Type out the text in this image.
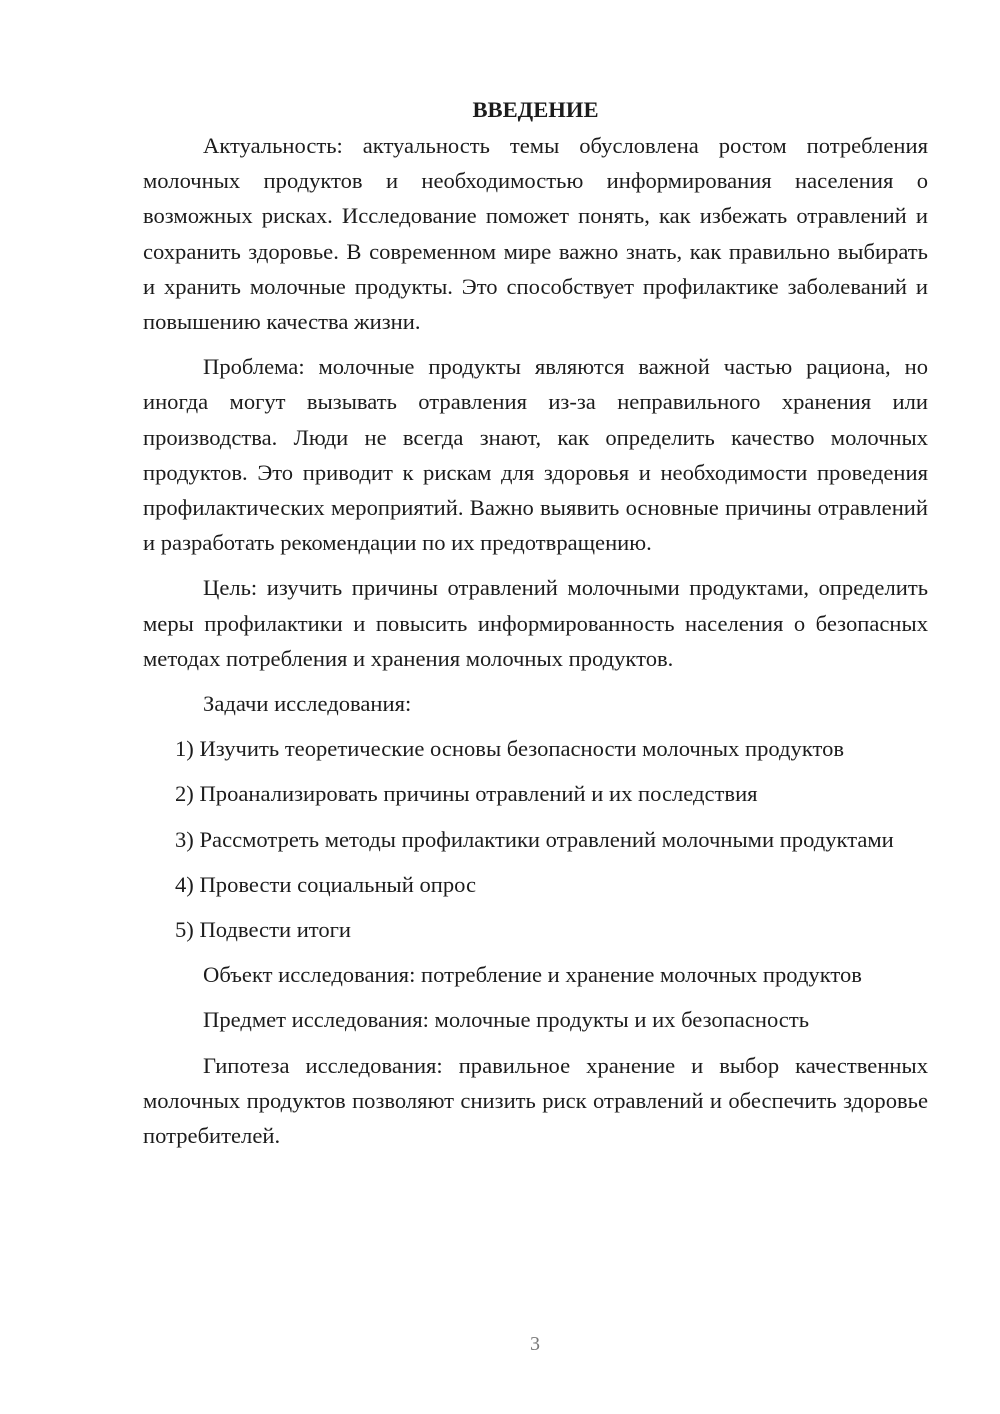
ВВЕДЕНИЕ

Актуальность: актуальность темы обусловлена ростом потребления молочных продуктов и необходимостью информирования населения о возможных рисках. Исследование поможет понять, как избежать отравлений и сохранить здоровье. В современном мире важно знать, как правильно выбирать и хранить молочные продукты. Это способствует профилактике заболеваний и повышению качества жизни.

Проблема: молочные продукты являются важной частью рациона, но иногда могут вызывать отравления из-за неправильного хранения или производства. Люди не всегда знают, как определить качество молочных продуктов. Это приводит к рискам для здоровья и необходимости проведения профилактических мероприятий. Важно выявить основные причины отравлений и разработать рекомендации по их предотвращению.

Цель: изучить причины отравлений молочными продуктами, определить меры профилактики и повысить информированность населения о безопасных методах потребления и хранения молочных продуктов.

Задачи исследования:

1) Изучить теоретические основы безопасности молочных продуктов

2) Проанализировать причины отравлений и их последствия

3) Рассмотреть методы профилактики отравлений молочными продуктами

4) Провести социальный опрос

5) Подвести итоги

Объект исследования: потребление и хранение молочных продуктов

Предмет исследования: молочные продукты и их безопасность

Гипотеза исследования: правильное хранение и выбор качественных молочных продуктов позволяют снизить риск отравлений и обеспечить здоровье потребителей.

3
